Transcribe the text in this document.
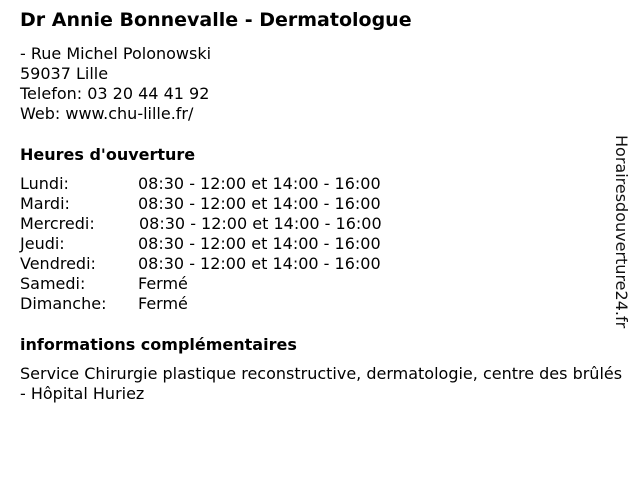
Dr Annie Bonnevalle - Dermatologue
- Rue Michel Polonowski
59037 Lille
Telefon: 03 20 44 41 92
Web: www.chu-lille.fr/
Heures d'ouverture
Lundi:	08:30 - 12:00 et 14:00 - 16:00
Mardi:	08:30 - 12:00 et 14:00 - 16:00
Mercredi:	08:30 - 12:00 et 14:00 - 16:00
Jeudi:	08:30 - 12:00 et 14:00 - 16:00
Vendredi:	08:30 - 12:00 et 14:00 - 16:00
Samedi:	Fermé
Dimanche: Fermé
informations complémentaires
Service Chirurgie plastique reconstructive, dermatologie, centre des brûlés - Hôpital Huriez
Horairesdouverture24.fr
